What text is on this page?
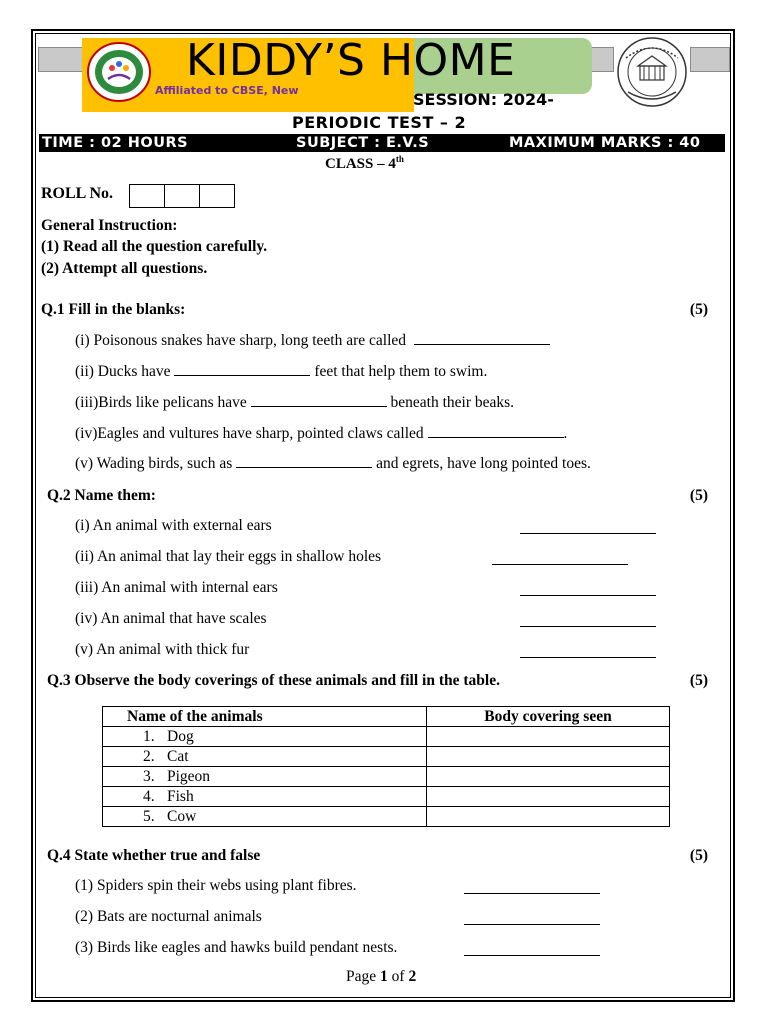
KIDDY’S HOME
Affiliated to CBSE, New	SESSION: 2024-
PERIODIC TEST – 2
TIME : 02 HOURS	SUBJECT : E.V.S	MAXIMUM MARKS : 40
CLASS – 4th
ROLL No.
General Instruction:
(1) Read all the question carefully.
(2) Attempt all questions.
Q.1 Fill in the blanks:	(5)
(i) Poisonous snakes have sharp, long teeth are called
(ii) Ducks have	feet that help them to swim.
(iii)Birds like pelicans have	beneath their beaks.
(iv)Eagles and vultures have sharp, pointed claws called	.
(v) Wading birds, such as	and egrets, have long pointed toes.
Q.2 Name them:	(5)
(i) An animal with external ears
(ii) An animal that lay their eggs in shallow holes
(iii) An animal with internal ears
(iv) An animal that have scales
(v) An animal with thick fur
Q.3 Observe the body coverings of these animals and fill in the table.	(5)
Name of the animals	Body covering seen
1. Dog	
2. Cat	
3. Pigeon	
4. Fish	
5. Cow	
Q.4 State whether true and false	(5)
(1) Spiders spin their webs using plant fibres.
(2) Bats are nocturnal animals
(3) Birds like eagles and hawks build pendant nests.
Page 1 of 2
